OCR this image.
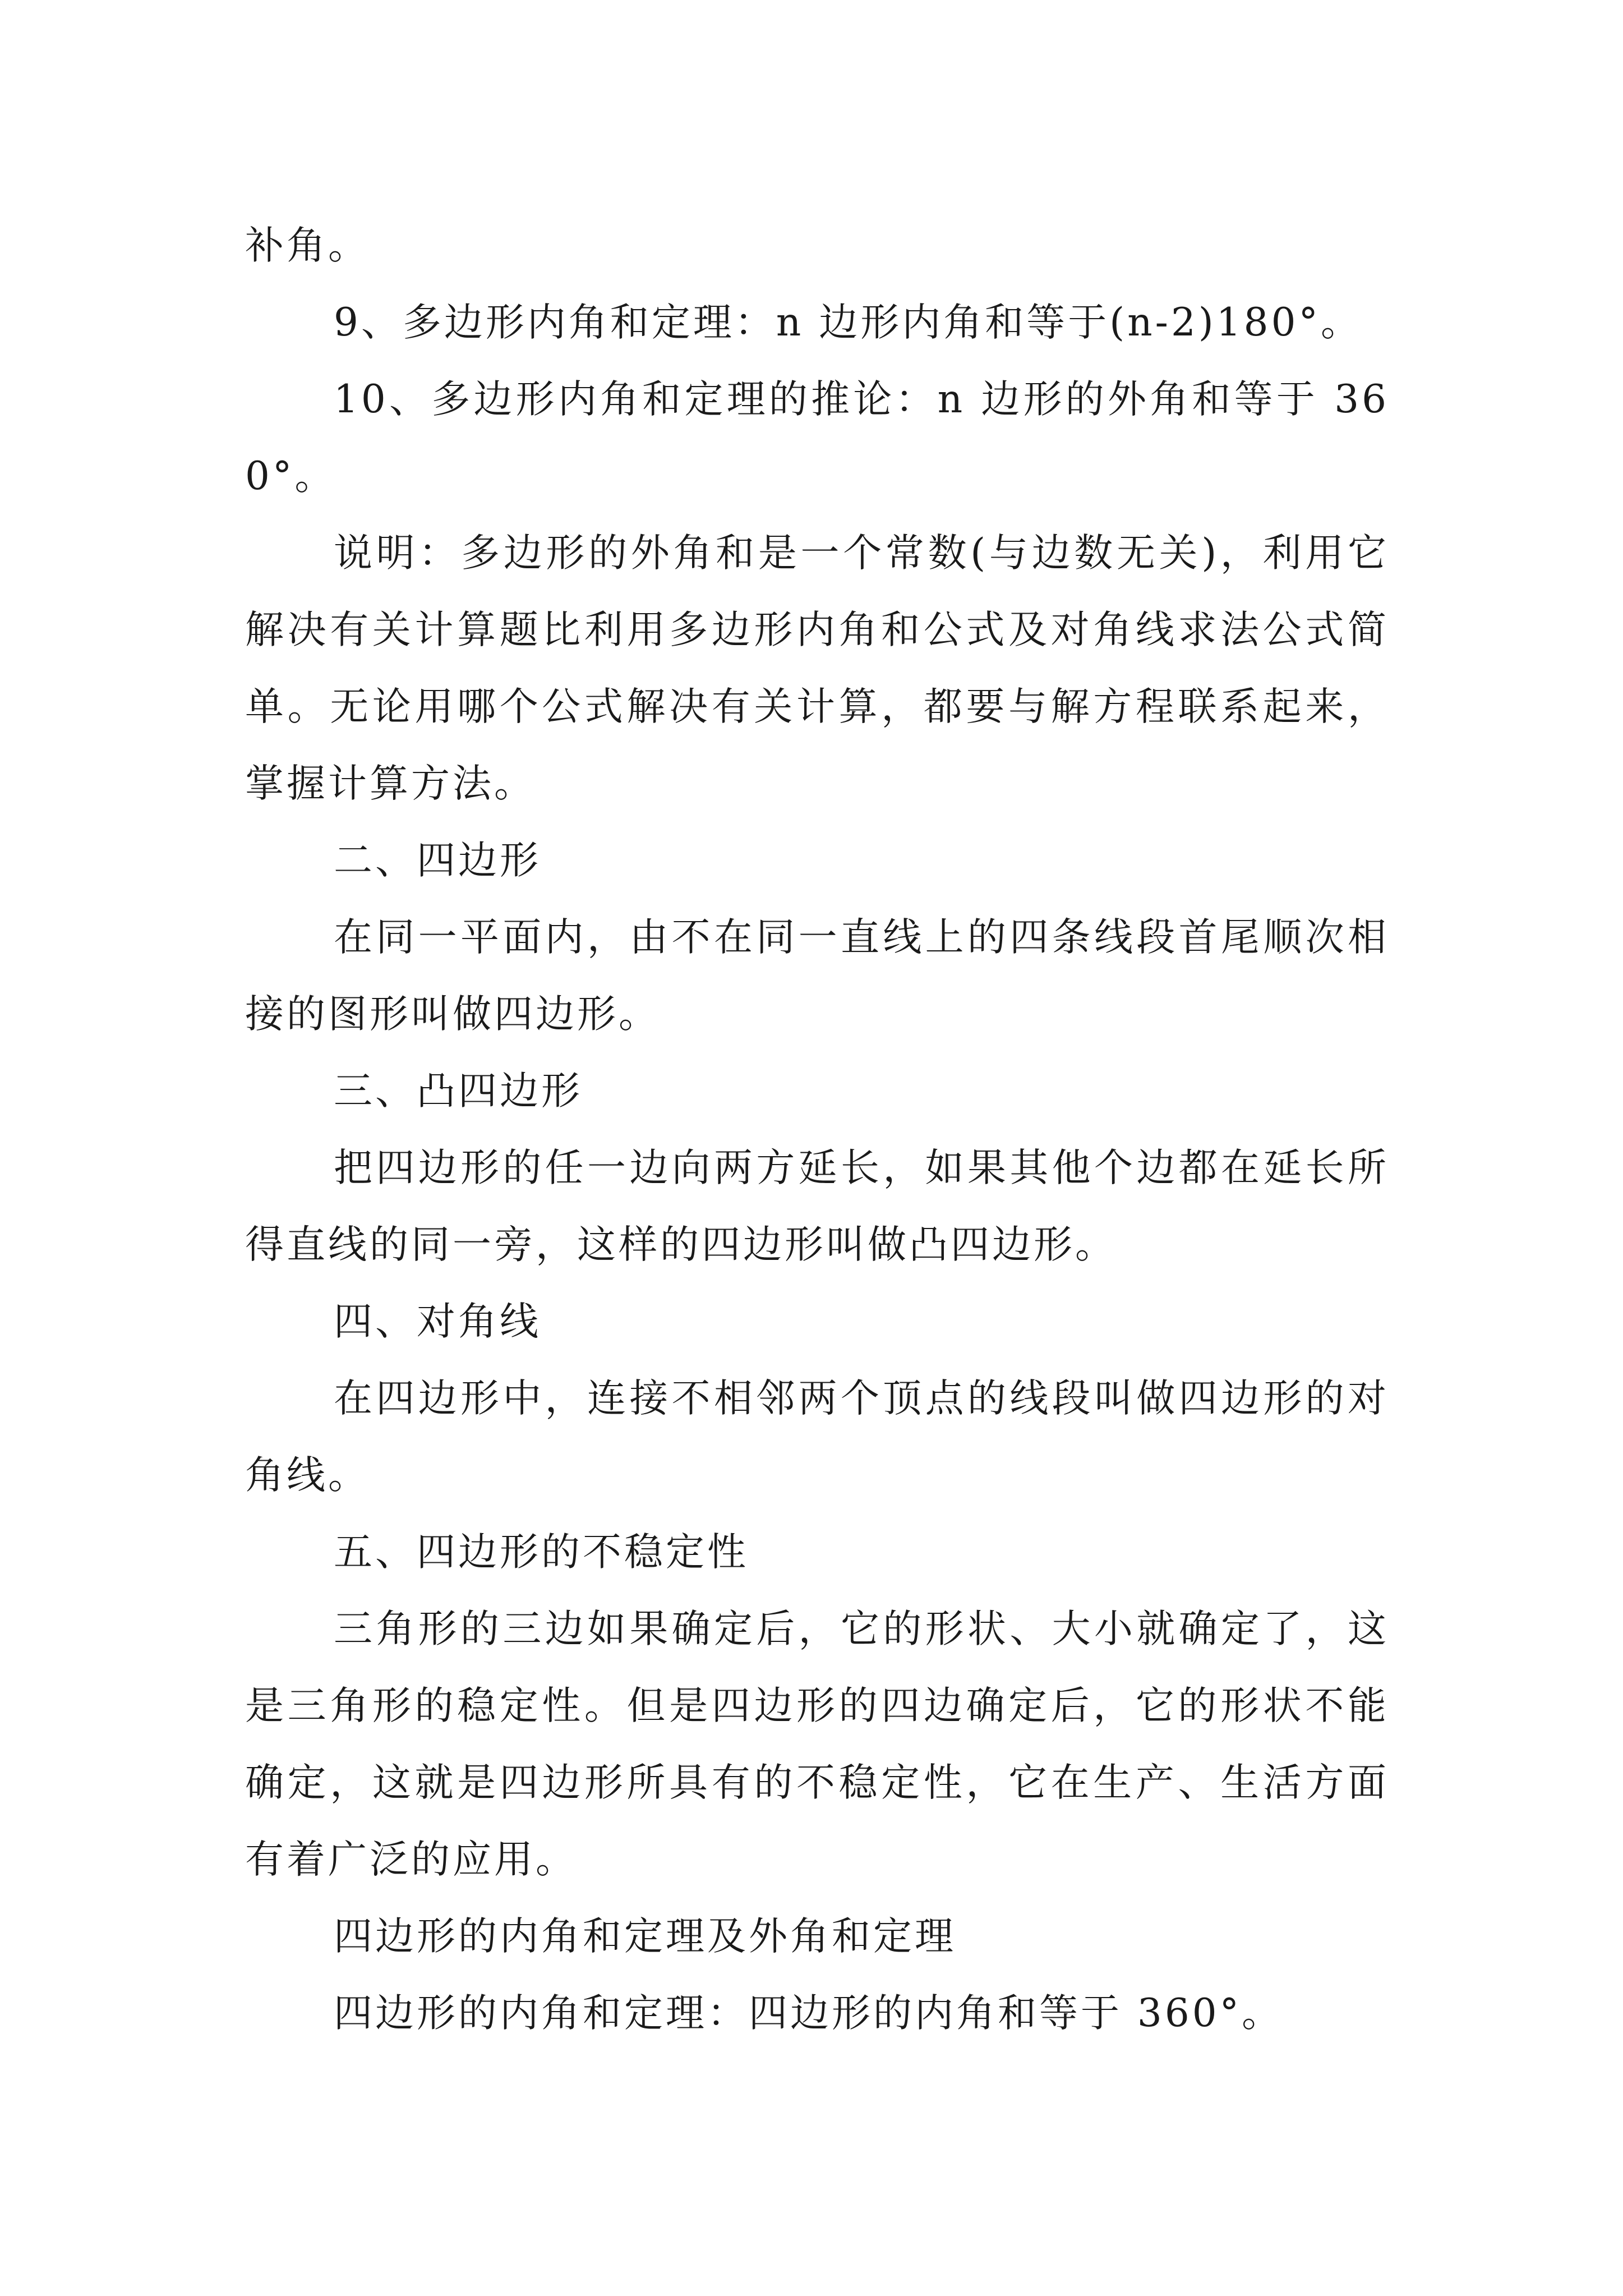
补角。

9、多边形内角和定理：n 边形内角和等于(n-2)180°。

10、多边形内角和定理的推论：n 边形的外角和等于 360°。

说明：多边形的外角和是一个常数(与边数无关)，利用它解决有关计算题比利用多边形内角和公式及对角线求法公式简单。无论用哪个公式解决有关计算，都要与解方程联系起来，掌握计算方法。

二、四边形

在同一平面内，由不在同一直线上的四条线段首尾顺次相接的图形叫做四边形。

三、凸四边形

把四边形的任一边向两方延长，如果其他个边都在延长所得直线的同一旁，这样的四边形叫做凸四边形。

四、对角线

在四边形中，连接不相邻两个顶点的线段叫做四边形的对角线。

五、四边形的不稳定性

三角形的三边如果确定后，它的形状、大小就确定了，这是三角形的稳定性。但是四边形的四边确定后，它的形状不能确定，这就是四边形所具有的不稳定性，它在生产、生活方面有着广泛的应用。

四边形的内角和定理及外角和定理

四边形的内角和定理：四边形的内角和等于 360°。
